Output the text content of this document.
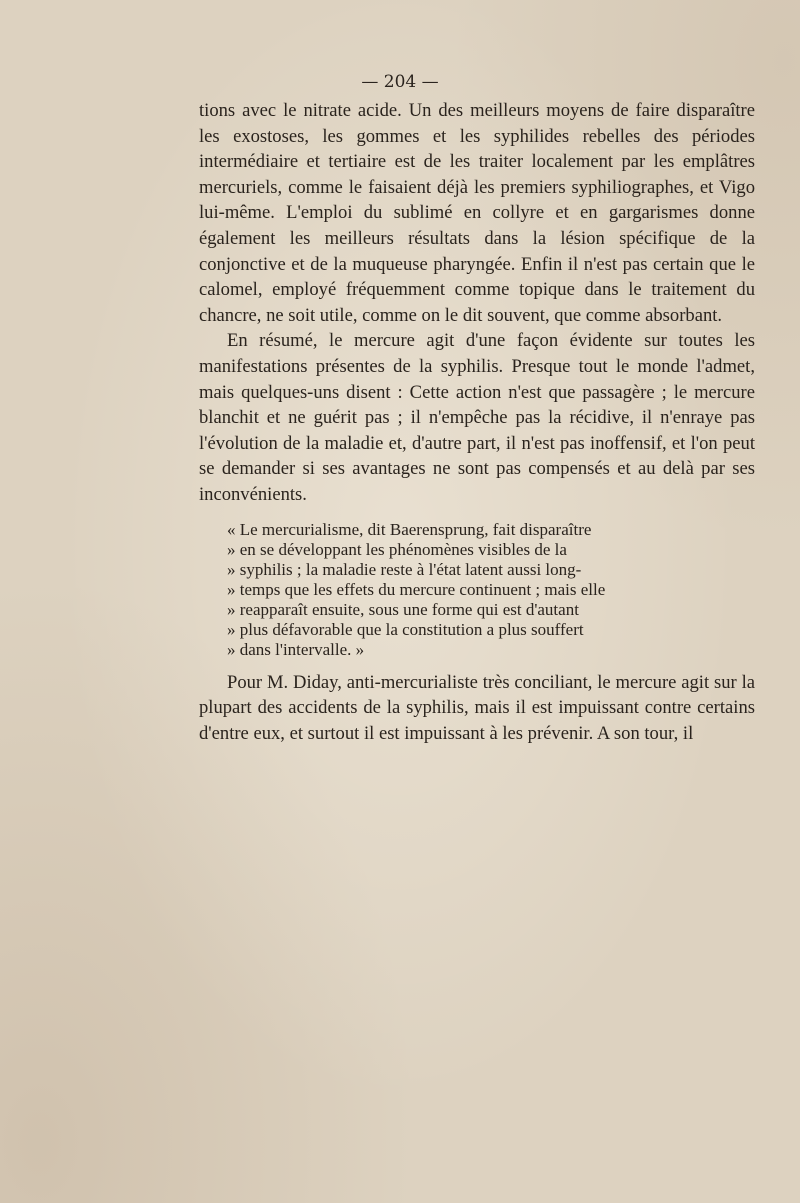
— 204 —

tions avec le nitrate acide. Un des meilleurs moyens de faire disparaître les exostoses, les gommes et les syphilides rebelles des périodes intermédiaire et tertiaire est de les traiter localement par les emplâtres mercuriels, comme le faisaient déjà les premiers syphiliographes, et Vigo lui-même. L'emploi du sublimé en collyre et en gargarismes donne également les meilleurs résultats dans la lésion spécifique de la conjonctive et de la muqueuse pharyngée. Enfin il n'est pas certain que le calomel, employé fréquemment comme topique dans le traitement du chancre, ne soit utile, comme on le dit souvent, que comme absorbant.

En résumé, le mercure agit d'une façon évidente sur toutes les manifestations présentes de la syphilis. Presque tout le monde l'admet, mais quelques-uns disent : Cette action n'est que passagère ; le mercure blanchit et ne guérit pas ; il n'empêche pas la récidive, il n'enraye pas l'évolution de la maladie et, d'autre part, il n'est pas inoffensif, et l'on peut se demander si ses avantages ne sont pas compensés et au delà par ses inconvénients.

« Le mercurialisme, dit Baerensprung, fait disparaître
» en se développant les phénomènes visibles de la
» syphilis ; la maladie reste à l'état latent aussi long-
» temps que les effets du mercure continuent ; mais elle
» reapparaît ensuite, sous une forme qui est d'autant
» plus défavorable que la constitution a plus souffert
» dans l'intervalle. »

Pour M. Diday, anti-mercurialiste très conciliant, le mercure agit sur la plupart des accidents de la syphilis, mais il est impuissant contre certains d'entre eux, et surtout il est impuissant à les prévenir. A son tour, il
